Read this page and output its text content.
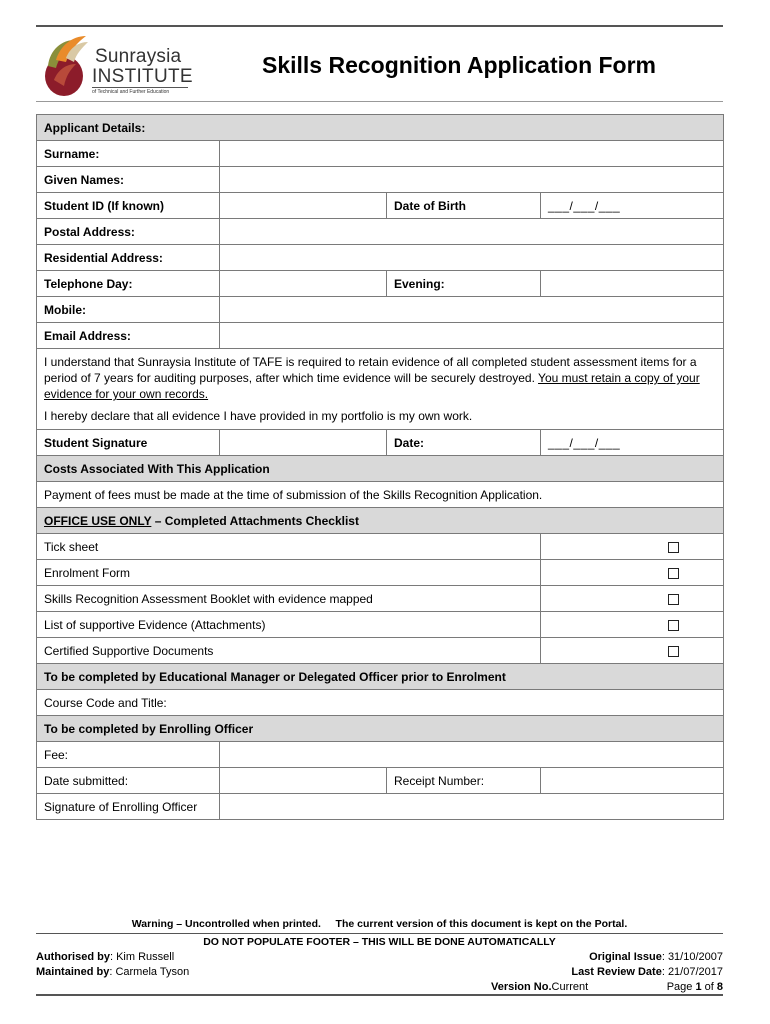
Sunraysia
INSTITUTE
of Technical and Further Education
Skills Recognition Application Form
Applicant Details:			
Surname:			
Given Names:			
Student ID (If known)		Date of Birth	___/___/___
Postal Address:			
Residential Address:			
Telephone Day:		Evening:	
Mobile:			
Email Address:			

I understand that Sunraysia Institute of TAFE is required to retain evidence of all completed student assessment items for a period of 7 years for auditing purposes, after which time evidence will be securely destroyed. You must retain a copy of your evidence for your own records.

I hereby declare that all evidence I have provided in my portfolio is my own work.			

Student Signature		Date:	___/___/___
Costs Associated With This Application			
Payment of fees must be made at the time of submission of the Skills Recognition Application.			
OFFICE USE ONLY – Completed Attachments Checklist			
Tick sheet			
Enrolment Form			
Skills Recognition Assessment Booklet with evidence mapped			
List of supportive Evidence (Attachments)			
Certified Supportive Documents			
To be completed by Educational Manager or Delegated Officer prior to Enrolment			
Course Code and Title:			
To be completed by Enrolling Officer			
Fee:			
Date submitted:		Receipt Number:	
Signature of Enrolling Officer			
Warning – Uncontrolled when printed.     The current version of this document is kept on the Portal.
DO NOT POPULATE FOOTER – THIS WILL BE DONE AUTOMATICALLY
Authorised by: Kim Russell
Maintained by: Carmela Tyson
Original Issue: 31/10/2007
Last Review Date: 21/07/2017
Version No.Current	Page 1 of 8
